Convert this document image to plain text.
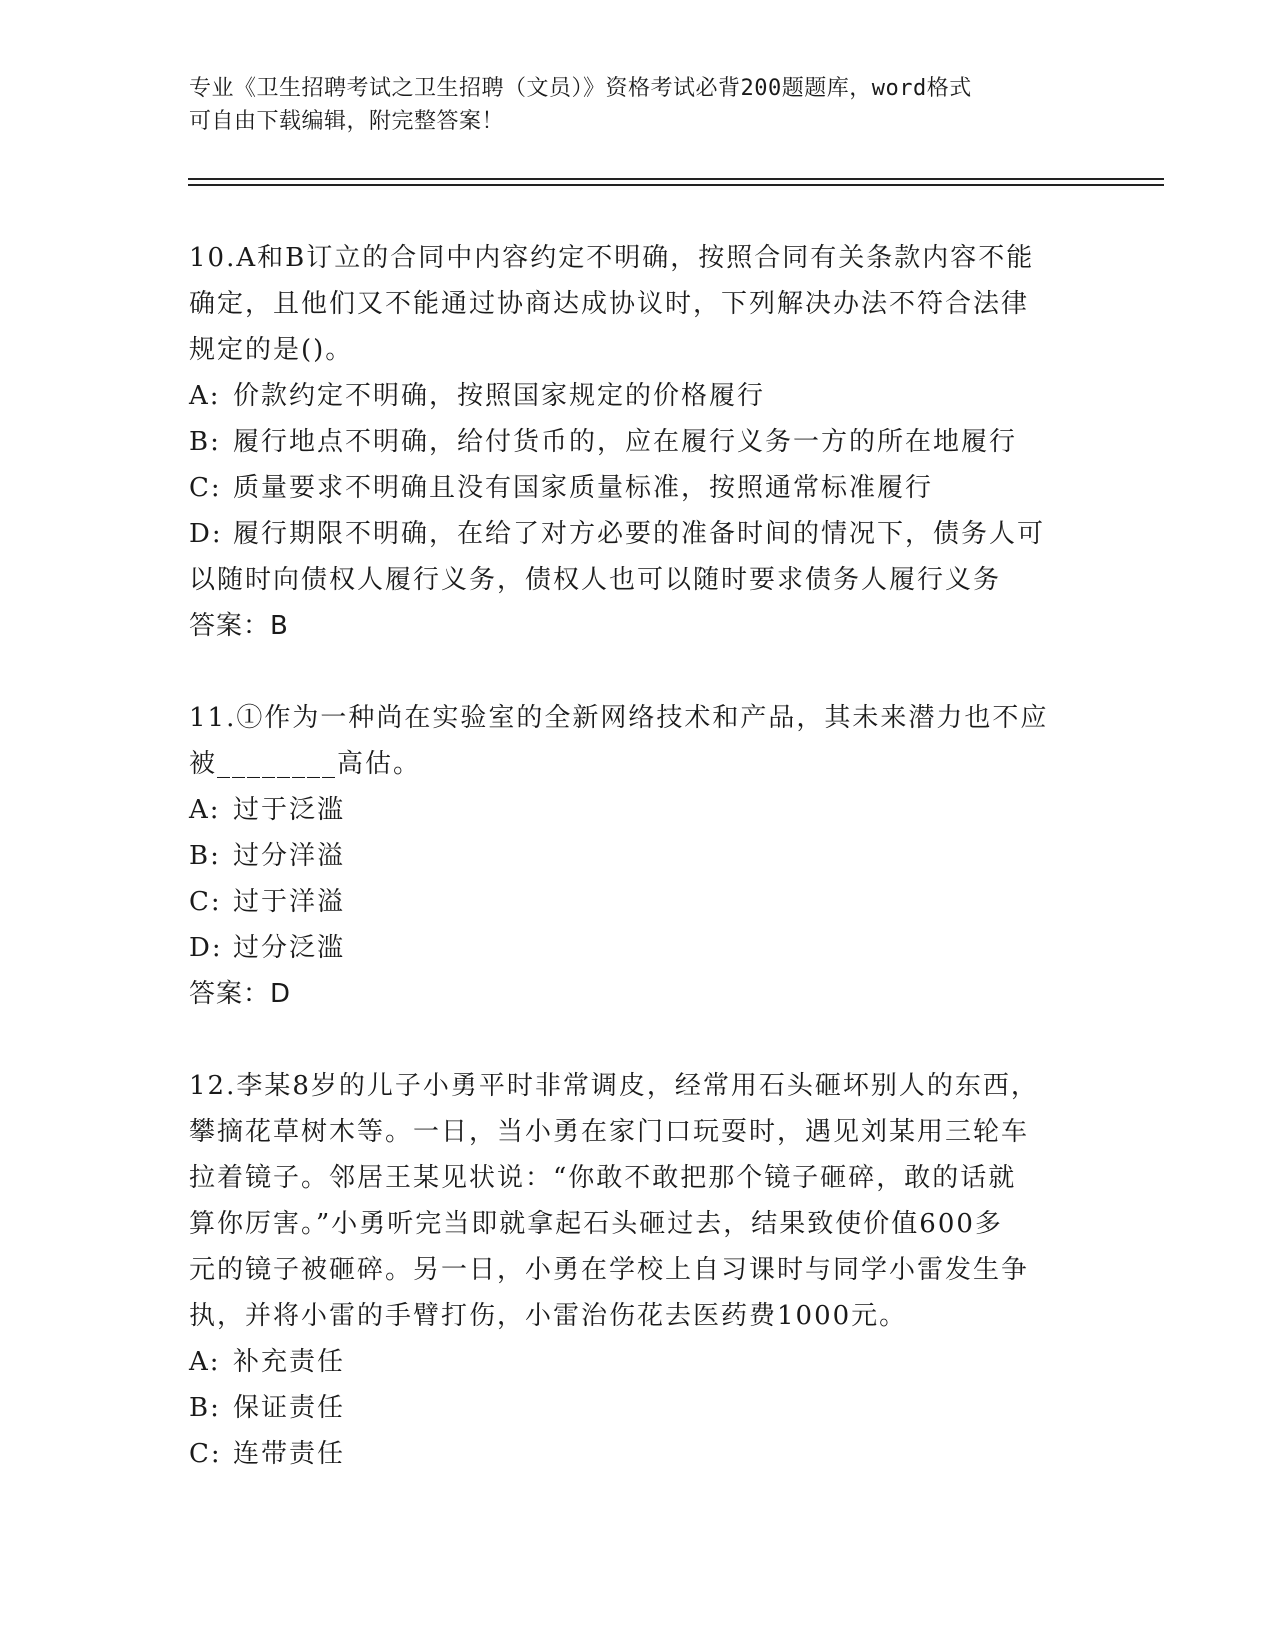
专业《卫生招聘考试之卫生招聘（文员）》资格考试必背200题题库，word格式
可自由下载编辑，附完整答案！
10.A和B订立的合同中内容约定不明确，按照合同有关条款内容不能
确定，且他们又不能通过协商达成协议时，下列解决办法不符合法律
规定的是()。
A: 价款约定不明确，按照国家规定的价格履行
B: 履行地点不明确，给付货币的，应在履行义务一方的所在地履行
C: 质量要求不明确且没有国家质量标准，按照通常标准履行
D: 履行期限不明确，在给了对方必要的准备时间的情况下，债务人可
以随时向债权人履行义务，债权人也可以随时要求债务人履行义务
答案：B
11.①作为一种尚在实验室的全新网络技术和产品，其未来潜力也不应
被________高估。
A: 过于泛滥
B: 过分洋溢
C: 过于洋溢
D: 过分泛滥
答案：D
12.李某8岁的儿子小勇平时非常调皮，经常用石头砸坏别人的东西，
攀摘花草树木等。一日，当小勇在家门口玩耍时，遇见刘某用三轮车
拉着镜子。邻居王某见状说：“你敢不敢把那个镜子砸碎，敢的话就
算你厉害。”小勇听完当即就拿起石头砸过去，结果致使价值600多
元的镜子被砸碎。另一日，小勇在学校上自习课时与同学小雷发生争
执，并将小雷的手臂打伤，小雷治伤花去医药费1000元。
A: 补充责任
B: 保证责任
C: 连带责任
